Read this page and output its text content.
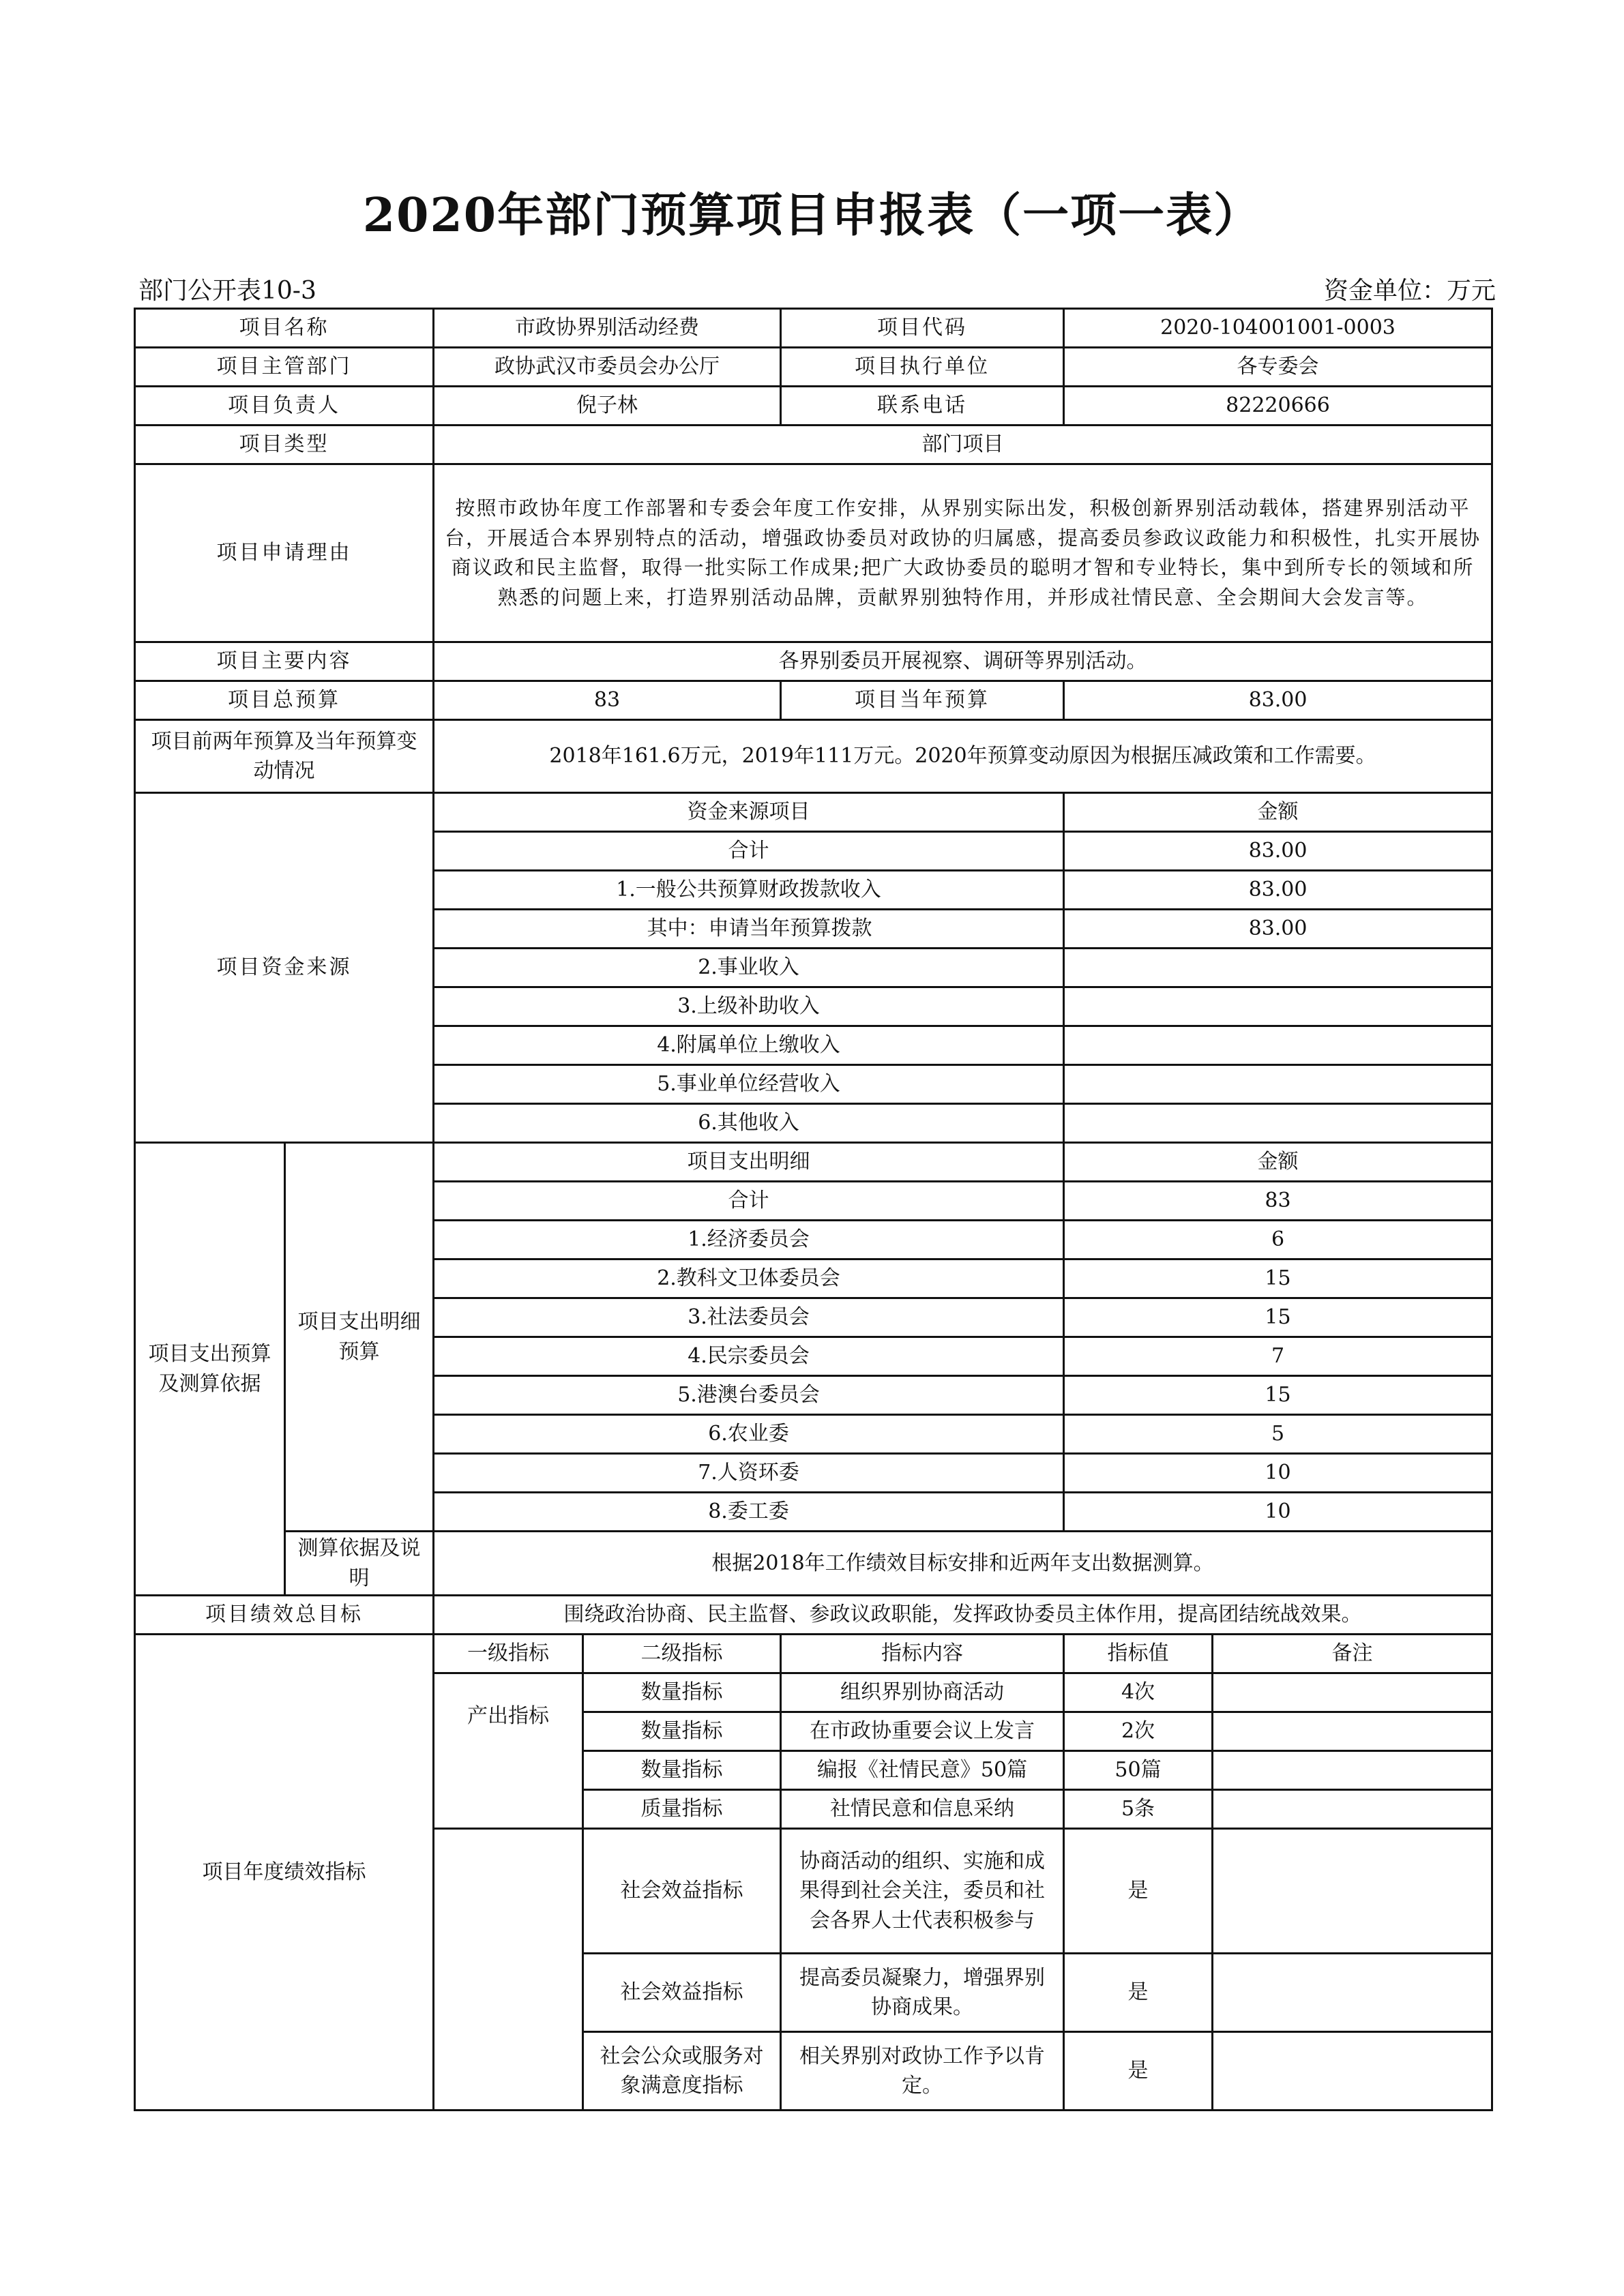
2020年部门预算项目申报表（一项一表）
部门公开表10-3	资金单位：万元
项目名称		市政协界别活动经费		项目代码	2020-104001001-0003	
项目主管部门		政协武汉市委员会办公厅		项目执行单位	各专委会	
项目负责人		倪子林		联系电话	82220666	
项目类型		部门项目				
项目申请理由		按照市政协年度工作部署和专委会年度工作安排，从界别实际出发，积极创新界别活动载体，搭建界别活动平台，开展适合本界别特点的活动，增强政协委员对政协的归属感，提高委员参政议政能力和积极性，扎实开展协商议政和民主监督，取得一批实际工作成果;把广大政协委员的聪明才智和专业特长，集中到所专长的领域和所熟悉的问题上来，打造界别活动品牌，贡献界别独特作用，并形成社情民意、全会期间大会发言等。				
项目主要内容		各界别委员开展视察、调研等界别活动。				
项目总预算		83		项目当年预算	83.00	
项目前两年预算及当年预算变动情况		2018年161.6万元，2019年111万元。2020年预算变动原因为根据压减政策和工作需要。				
项目资金来源		资金来源项目			金额	
		合计			83.00	
		1.一般公共预算财政拨款收入			83.00	
		其中：申请当年预算拨款			83.00	
		2.事业收入				
		3.上级补助收入				
		4.附属单位上缴收入				
		5.事业单位经营收入				
		6.其他收入				
项目支出预算及测算依据	项目支出明细预算	项目支出明细			金额	
		合计			83	
		1.经济委员会			6	
		2.教科文卫体委员会			15	
		3.社法委员会			15	
		4.民宗委员会			7	
		5.港澳台委员会			15	
		6.农业委			5	
		7.人资环委			10	
		8.委工委			10	
	测算依据及说明	根据2018年工作绩效目标安排和近两年支出数据测算。				
项目绩效总目标		围绕政治协商、民主监督、参政议政职能，发挥政协委员主体作用，提高团结统战效果。				
项目年度绩效指标		一级指标	二级指标	指标内容	指标值	备注
		产出指标	数量指标	组织界别协商活动	4次	
			数量指标	在市政协重要会议上发言	2次	
			数量指标	编报《社情民意》50篇	50篇	
			质量指标	社情民意和信息采纳	5条	
			社会效益指标	协商活动的组织、实施和成果得到社会关注，委员和社会各界人士代表积极参与	是	
			社会效益指标	提高委员凝聚力，增强界别协商成果。	是	
			社会公众或服务对象满意度指标	相关界别对政协工作予以肯定。	是	
